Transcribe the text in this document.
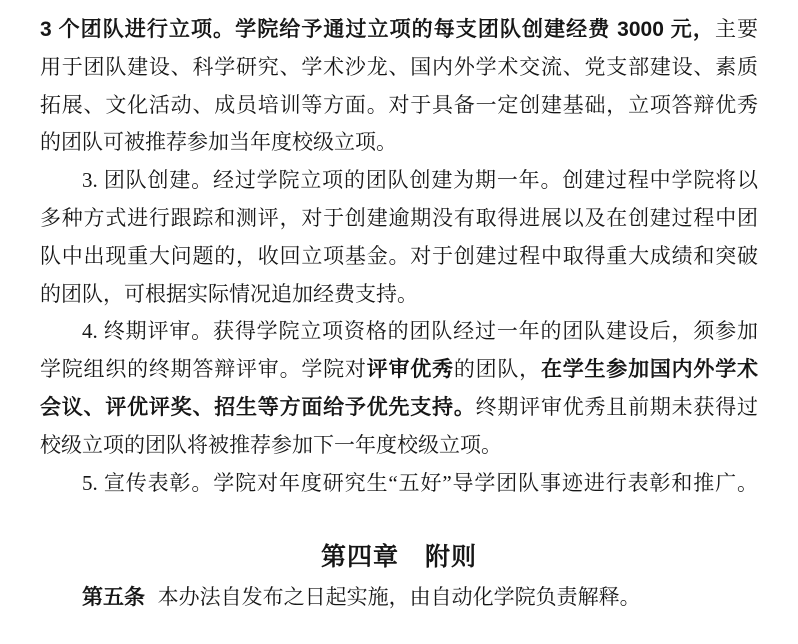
3 个团队进行立项。学院给予通过立项的每支团队创建经费 3000 元，主要
用于团队建设、科学研究、学术沙龙、国内外学术交流、党支部建设、素质
拓展、文化活动、成员培训等方面。对于具备一定创建基础，立项答辩优秀
的团队可被推荐参加当年度校级立项。
3. 团队创建。经过学院立项的团队创建为期一年。创建过程中学院将以
多种方式进行跟踪和测评，对于创建逾期没有取得进展以及在创建过程中团
队中出现重大问题的，收回立项基金。对于创建过程中取得重大成绩和突破
的团队，可根据实际情况追加经费支持。
4. 终期评审。获得学院立项资格的团队经过一年的团队建设后，须参加
学院组织的终期答辩评审。学院对评审优秀的团队，在学生参加国内外学术
会议、评优评奖、招生等方面给予优先支持。终期评审优秀且前期未获得过
校级立项的团队将被推荐参加下一年度校级立项。
5. 宣传表彰。学院对年度研究生“五好”导学团队事迹进行表彰和推广。
第四章　附则
第五条 本办法自发布之日起实施，由自动化学院负责解释。
